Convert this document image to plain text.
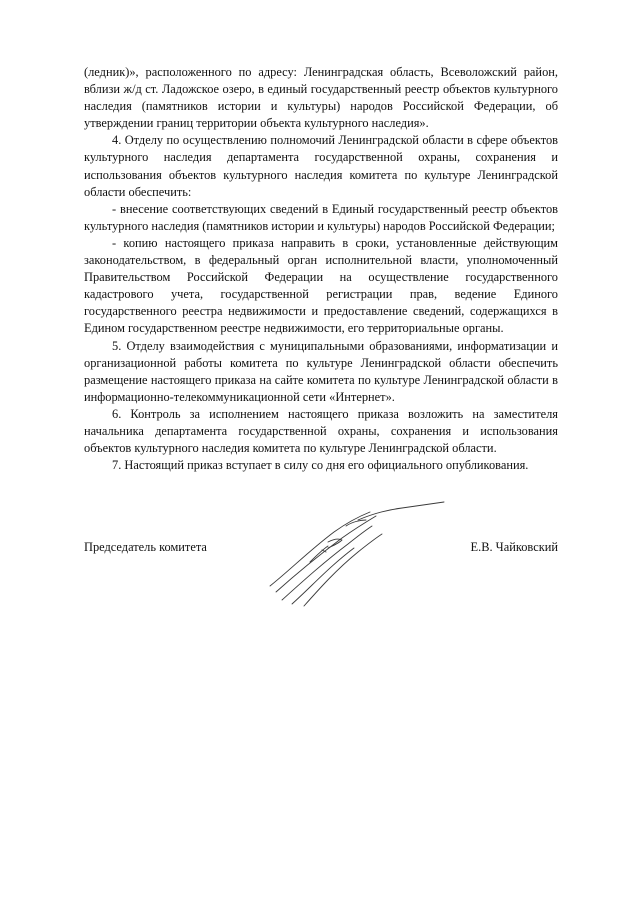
(ледник)», расположенного по адресу: Ленинградская область, Всеволожский район, вблизи ж/д ст. Ладожское озеро, в единый государственный реестр объектов культурного наследия (памятников истории и культуры) народов Российской Федерации, об утверждении границ территории объекта культурного наследия».

4. Отделу по осуществлению полномочий Ленинградской области в сфере объектов культурного наследия департамента государственной охраны, сохранения и использования объектов культурного наследия комитета по культуре Ленинградской области обеспечить:

- внесение соответствующих сведений в Единый государственный реестр объектов культурного наследия (памятников истории и культуры) народов Российской Федерации;

- копию настоящего приказа направить в сроки, установленные действующим законодательством, в федеральный орган исполнительной власти, уполномоченный Правительством Российской Федерации на осуществление государственного кадастрового учета, государственной регистрации прав, ведение Единого государственного реестра недвижимости и предоставление сведений, содержащихся в Едином государственном реестре недвижимости, его территориальные органы.

5. Отделу взаимодействия с муниципальными образованиями, информатизации и организационной работы комитета по культуре Ленинградской области обеспечить размещение настоящего приказа на сайте комитета по культуре Ленинградской области в информационно-телекоммуникационной сети «Интернет».

6. Контроль за исполнением настоящего приказа возложить на заместителя начальника департамента государственной охраны, сохранения и использования объектов культурного наследия комитета по культуре Ленинградской области.

7. Настоящий приказ вступает в силу со дня его официального опубликования.

Председатель комитета	Е.В. Чайковский
